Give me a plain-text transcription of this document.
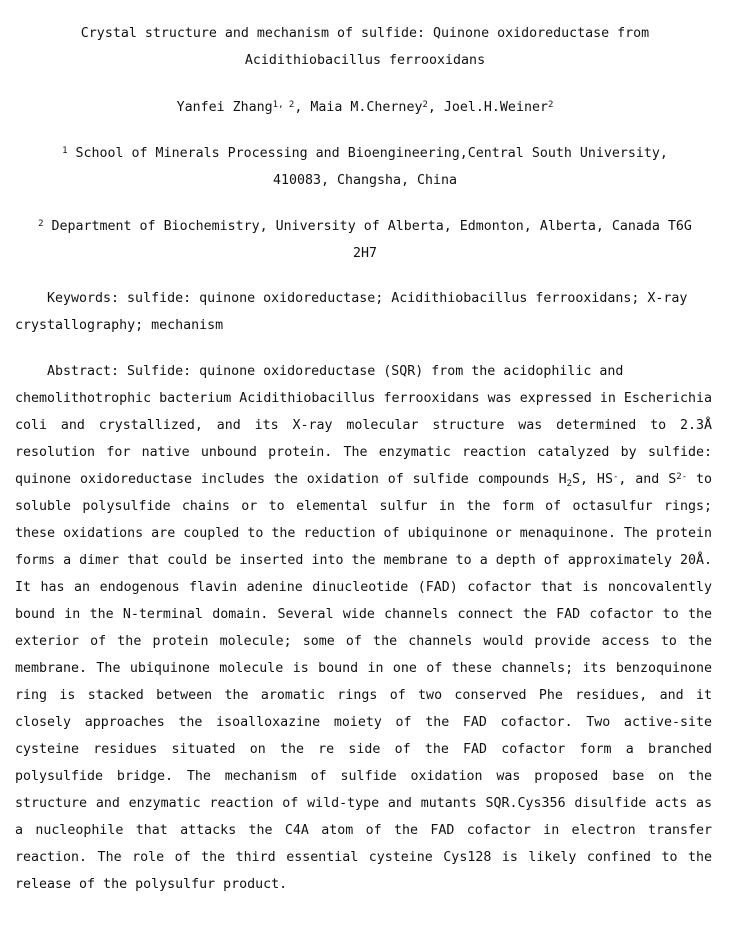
Crystal structure and mechanism of sulfide: Quinone oxidoreductase from
Acidithiobacillus ferrooxidans
Yanfei Zhang$^{1, 2}$, Maia M.Cherney$^2$, Joel.H.Weiner$^2$
$^1$ School of Minerals Processing and Bioengineering,Central South University,
410083, Changsha, China
$^2$ Department of Biochemistry, University of Alberta, Edmonton, Alberta, Canada T6G
2H7
Keywords: sulfide: quinone oxidoreductase; Acidithiobacillus ferrooxidans; X-ray
crystallography; mechanism
Abstract: Sulfide: quinone oxidoreductase (SQR) from the acidophilic and
chemolithotrophic bacterium Acidithiobacillus ferrooxidans was expressed in Escherichia
coli and crystallized, and its X-ray molecular structure was determined to 2.3Å
resolution for native unbound protein. The enzymatic reaction catalyzed by sulfide:
quinone oxidoreductase includes the oxidation of sulfide compounds $H_2S$, HS-, and $S^{2-}$ to
soluble polysulfide chains or to elemental sulfur in the form of octasulfur rings;
these oxidations are coupled to the reduction of ubiquinone or menaquinone. The protein
forms a dimer that could be inserted into the membrane to a depth of approximately 20Å.
It has an endogenous flavin adenine dinucleotide (FAD) cofactor that is noncovalently
bound in the N-terminal domain. Several wide channels connect the FAD cofactor to the
exterior of the protein molecule; some of the channels would provide access to the
membrane. The ubiquinone molecule is bound in one of these channels; its benzoquinone
ring is stacked between the aromatic rings of two conserved Phe residues, and it
closely approaches the isoalloxazine moiety of the FAD cofactor. Two active-site
cysteine residues situated on the re side of the FAD cofactor form a branched
polysulfide bridge. The mechanism of sulfide oxidation was proposed base on the
structure and enzymatic reaction of wild-type and mutants SQR.Cys356 disulfide acts as
a nucleophile that attacks the C4A atom of the FAD cofactor in electron transfer
reaction. The role of the third essential cysteine Cys128 is likely confined to the
release of the polysulfur product.
